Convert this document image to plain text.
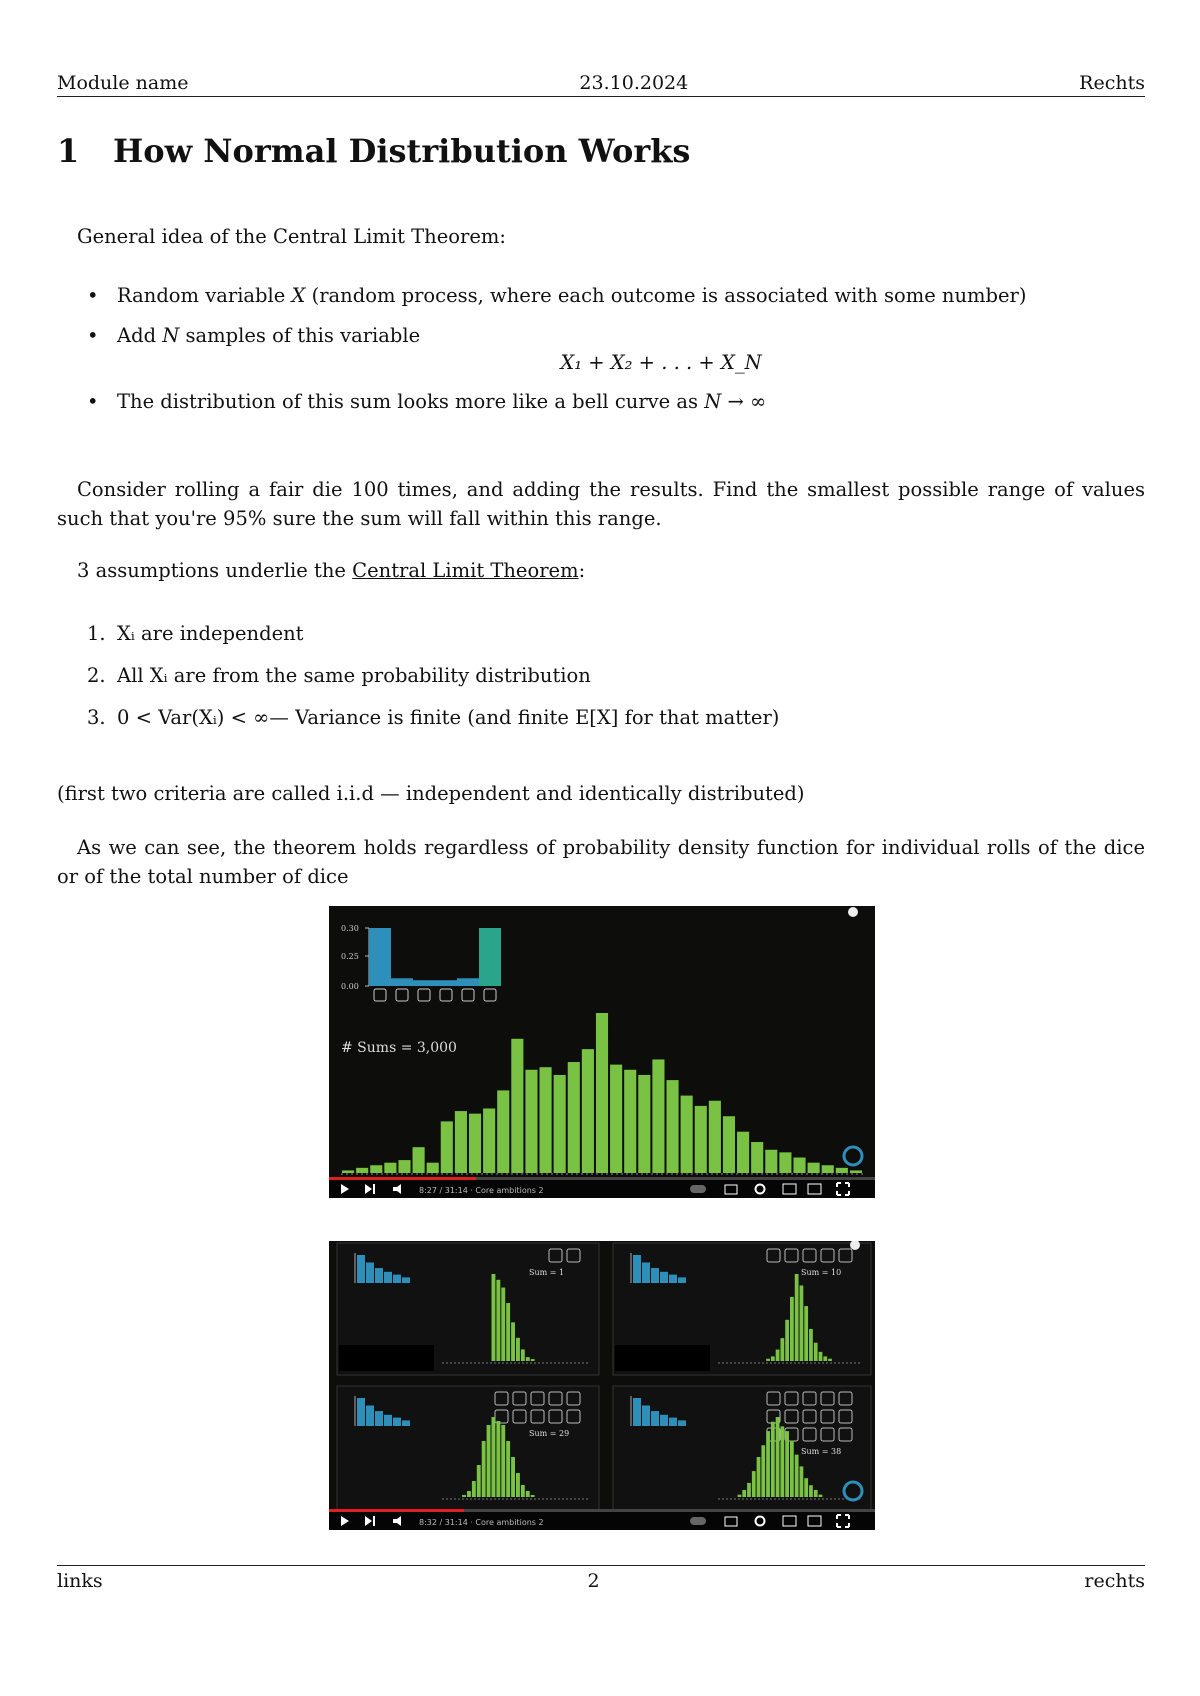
Module name	23.10.2024	Rechts
1	How Normal Distribution Works
General idea of the Central Limit Theorem:
• Random variable X (random process, where each outcome is associated with some number)
• Add N samples of this variable
X₁ + X₂ + . . . + X_N
• The distribution of this sum looks more like a bell curve as N → ∞
Consider rolling a fair die 100 times, and adding the results. Find the smallest possible range of values such that you're 95% sure the sum will fall within this range.
3 assumptions underlie the Central Limit Theorem:
1. Xᵢ are independent
2. All Xᵢ are from the same probability distribution
3. 0 < Var(Xᵢ) < ∞— Variance is finite (and finite E[X] for that matter)
(first two criteria are called i.i.d — independent and identically distributed)
As we can see, the theorem holds regardless of probability density function for individual rolls of the dice or of the total number of dice
0.30
0.25
0.00
# Sums = 3,000
8:27 / 31:14 · Core ambitions 2
Sum = 1	Sum = 10
Sum = 29
Sum = 38
8:32 / 31:14 · Core ambitions 2
links	2	rechts
